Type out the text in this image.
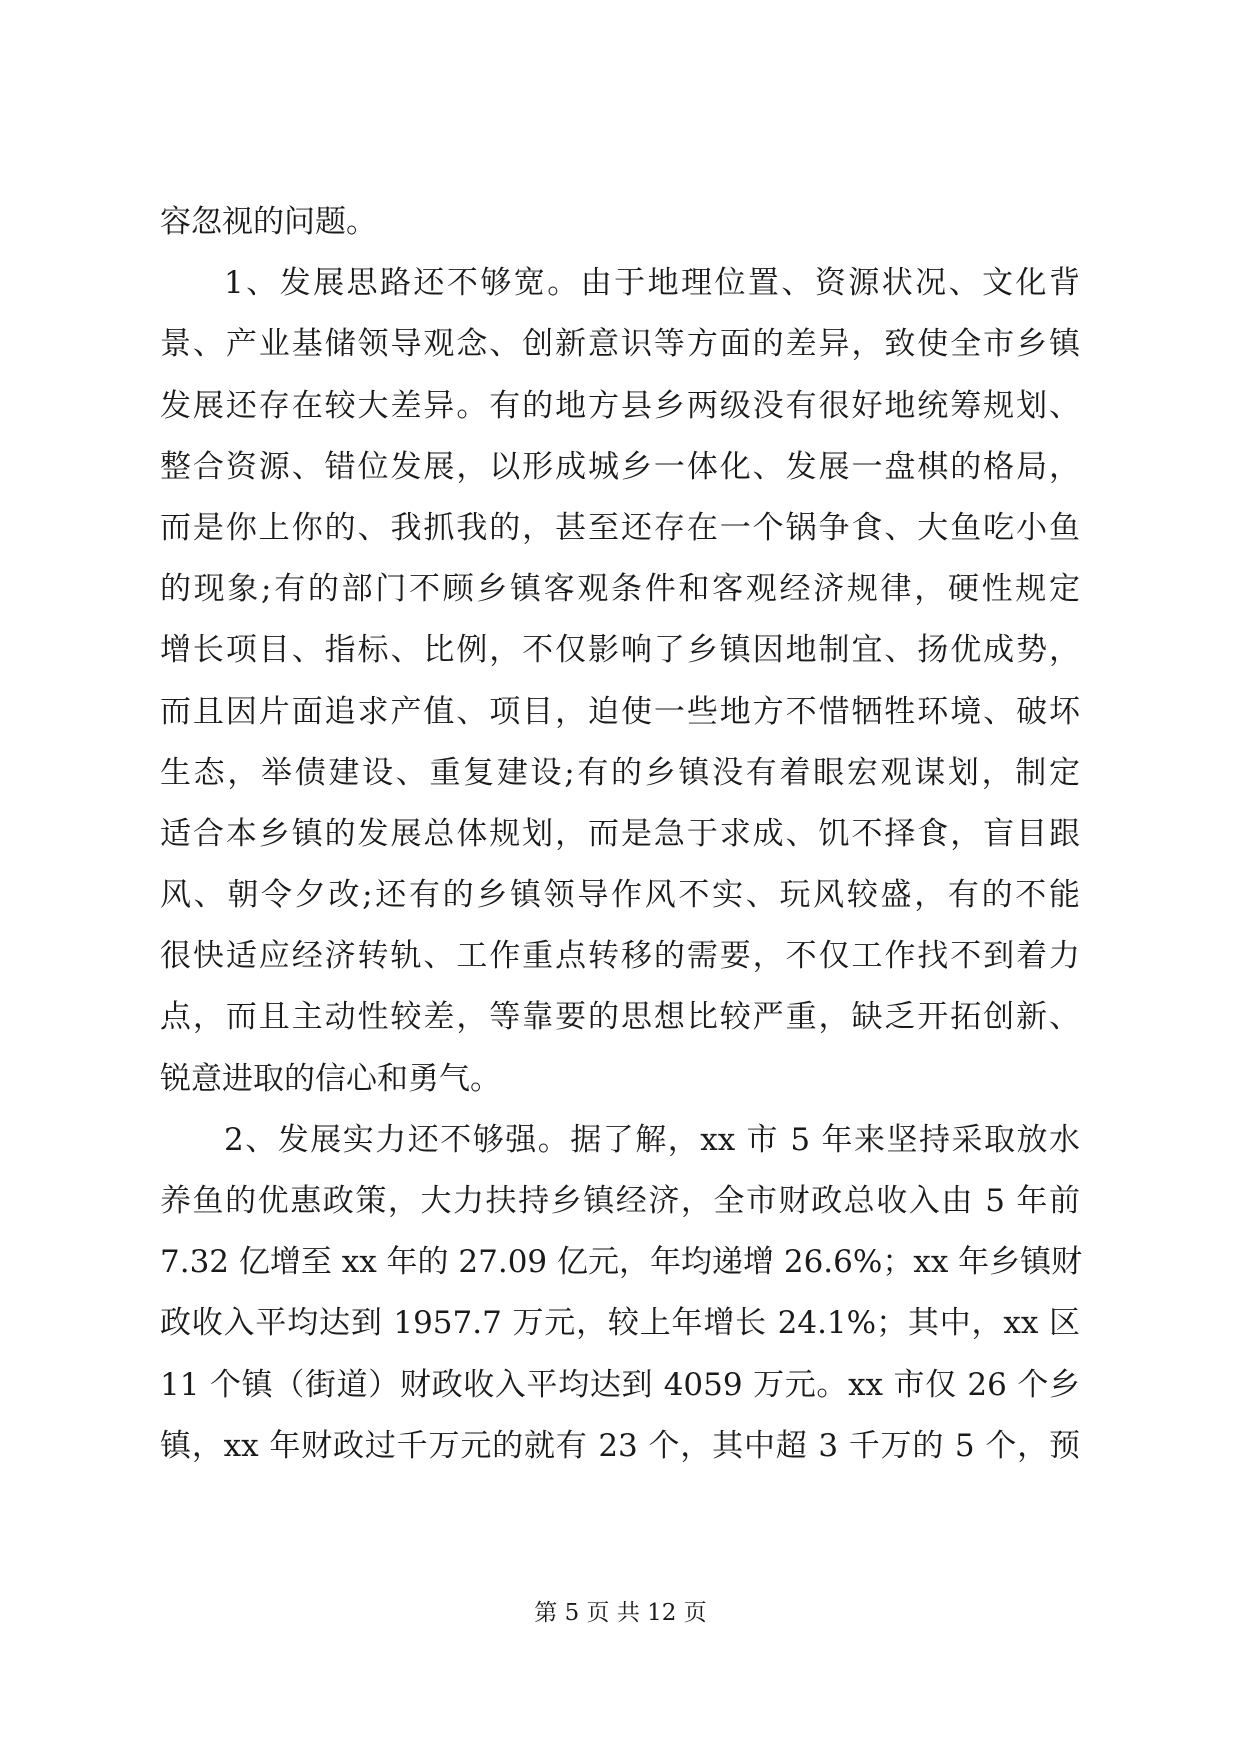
容忽视的问题。
1、发展思路还不够宽。由于地理位置、资源状况、文化背
景、产业基储领导观念、创新意识等方面的差异，致使全市乡镇
发展还存在较大差异。有的地方县乡两级没有很好地统筹规划、
整合资源、错位发展，以形成城乡一体化、发展一盘棋的格局，
而是你上你的、我抓我的，甚至还存在一个锅争食、大鱼吃小鱼
的现象;有的部门不顾乡镇客观条件和客观经济规律，硬性规定
增长项目、指标、比例，不仅影响了乡镇因地制宜、扬优成势，
而且因片面追求产值、项目，迫使一些地方不惜牺牲环境、破坏
生态，举债建设、重复建设;有的乡镇没有着眼宏观谋划，制定
适合本乡镇的发展总体规划，而是急于求成、饥不择食，盲目跟
风、朝令夕改;还有的乡镇领导作风不实、玩风较盛，有的不能
很快适应经济转轨、工作重点转移的需要，不仅工作找不到着力
点，而且主动性较差，等靠要的思想比较严重，缺乏开拓创新、
锐意进取的信心和勇气。
2、发展实力还不够强。据了解，xx 市 5 年来坚持采取放水
养鱼的优惠政策，大力扶持乡镇经济，全市财政总收入由 5 年前
7.32 亿增至 xx 年的 27.09 亿元，年均递增 26.6%；xx 年乡镇财
政收入平均达到 1957.7 万元，较上年增长 24.1%；其中，xx 区
11 个镇（街道）财政收入平均达到 4059 万元。xx 市仅 26 个乡
镇，xx 年财政过千万元的就有 23 个，其中超 3 千万的 5 个，预
第 5 页 共 12 页
